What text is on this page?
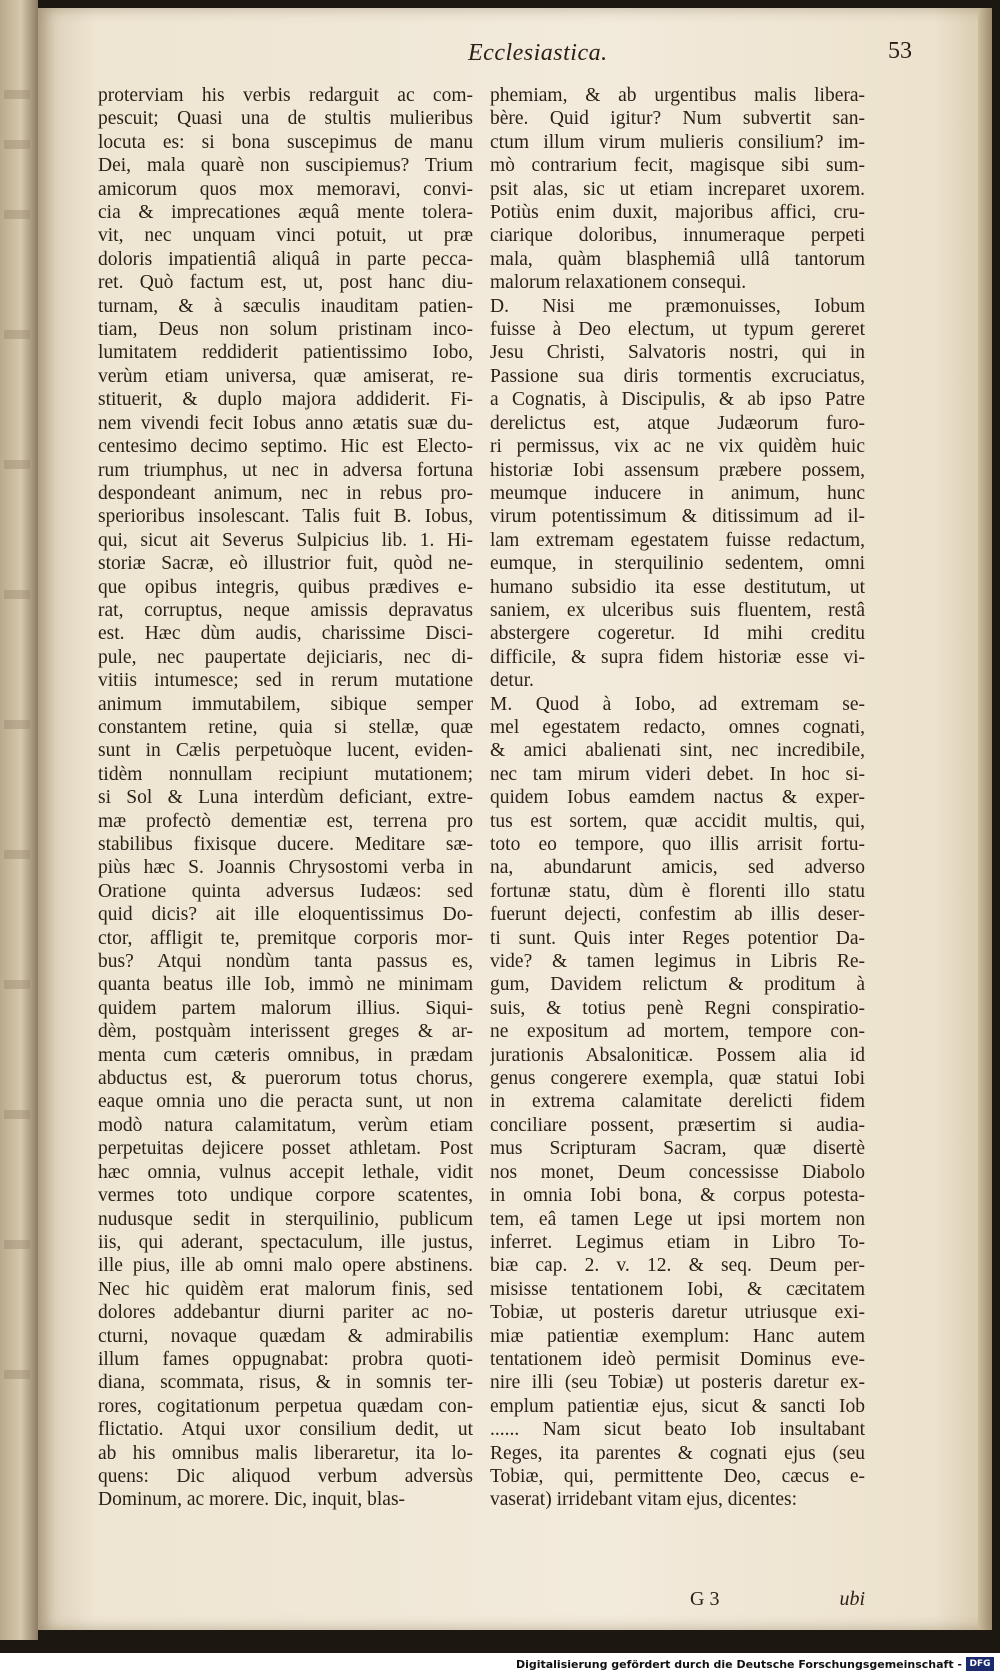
Ecclesiastica.	53
proterviam his verbis redarguit ac com-
pescuit; Quasi una de stultis mulieribus
locuta es: si bona suscepimus de manu
Dei, mala quarè non suscipiemus? Trium
amicorum quos mox memoravi, convi-
cia & imprecationes æquâ mente tolera-
vit, nec unquam vinci potuit, ut præ
doloris impatientiâ aliquâ in parte pecca-
ret. Quò factum est, ut, post hanc diu-
turnam, & à sæculis inauditam patien-
tiam, Deus non solum pristinam inco-
lumitatem reddiderit patientissimo Iobo,
verùm etiam universa, quæ amiserat, re-
stituerit, & duplo majora addiderit. Fi-
nem vivendi fecit Iobus anno ætatis suæ du-
centesimo decimo septimo. Hic est Electo-
rum triumphus, ut nec in adversa fortuna
despondeant animum, nec in rebus pro-
sperioribus insolescant. Talis fuit B. Iobus,
qui, sicut ait Severus Sulpicius lib. 1. Hi-
storiæ Sacræ, eò illustrior fuit, quòd ne-
que opibus integris, quibus prædives e-
rat, corruptus, neque amissis depravatus
est. Hæc dùm audis, charissime Disci-
pule, nec paupertate dejiciaris, nec di-
vitiis intumesce; sed in rerum mutatione
animum immutabilem, sibique semper
constantem retine, quia si stellæ, quæ
sunt in Cælis perpetuòque lucent, eviden-
tidèm nonnullam recipiunt mutationem;
si Sol & Luna interdùm deficiant, extre-
mæ profectò dementiæ est, terrena pro
stabilibus fixisque ducere. Meditare sæ-
piùs hæc S. Joannis Chrysostomi verba in
Oratione quinta adversus Iudæos: sed
quid dicis? ait ille eloquentissimus Do-
ctor, affligit te, premitque corporis mor-
bus? Atqui nondùm tanta passus es,
quanta beatus ille Iob, immò ne minimam
quidem partem malorum illius. Siqui-
dèm, postquàm interissent greges & ar-
menta cum cæteris omnibus, in prædam
abductus est, & puerorum totus chorus,
eaque omnia uno die peracta sunt, ut non
modò natura calamitatum, verùm etiam
perpetuitas dejicere posset athletam. Post
hæc omnia, vulnus accepit lethale, vidit
vermes toto undique corpore scatentes,
nudusque sedit in sterquilinio, publicum
iis, qui aderant, spectaculum, ille justus,
ille pius, ille ab omni malo opere abstinens.
Nec hic quidèm erat malorum finis, sed
dolores addebantur diurni pariter ac no-
cturni, novaque quædam & admirabilis
illum fames oppugnabat: probra quoti-
diana, scommata, risus, & in somnis ter-
rores, cogitationum perpetua quædam con-
flictatio. Atqui uxor consilium dedit, ut
ab his omnibus malis liberaretur, ita lo-
quens: Dic aliquod verbum adversùs
Dominum, ac morere. Dic, inquit, blas-
phemiam, & ab urgentibus malis libera-
bère. Quid igitur? Num subvertit san-
ctum illum virum mulieris consilium? im-
mò contrarium fecit, magisque sibi sum-
psit alas, sic ut etiam increparet uxorem.
Potiùs enim duxit, majoribus affici, cru-
ciarique doloribus, innumeraque perpeti
mala, quàm blasphemiâ ullâ tantorum
malorum relaxationem consequi.
D. Nisi me præmonuisses, Iobum
fuisse à Deo electum, ut typum gereret
Jesu Christi, Salvatoris nostri, qui in
Passione sua diris tormentis excruciatus,
a Cognatis, à Discipulis, & ab ipso Patre
derelictus est, atque Judæorum furo-
ri permissus, vix ac ne vix quidèm huic
historiæ Iobi assensum præbere possem,
meumque inducere in animum, hunc
virum potentissimum & ditissimum ad il-
lam extremam egestatem fuisse redactum,
eumque, in sterquilinio sedentem, omni
humano subsidio ita esse destitutum, ut
saniem, ex ulceribus suis fluentem, restâ
abstergere cogeretur. Id mihi creditu
difficile, & supra fidem historiæ esse vi-
detur.
M. Quod à Iobo, ad extremam se-
mel egestatem redacto, omnes cognati,
& amici abalienati sint, nec incredibile,
nec tam mirum videri debet. In hoc si-
quidem Iobus eamdem nactus & exper-
tus est sortem, quæ accidit multis, qui,
toto eo tempore, quo illis arrisit fortu-
na, abundarunt amicis, sed adverso
fortunæ statu, dùm è florenti illo statu
fuerunt dejecti, confestim ab illis deser-
ti sunt. Quis inter Reges potentior Da-
vide? & tamen legimus in Libris Re-
gum, Davidem relictum & proditum à
suis, & totius penè Regni conspiratio-
ne expositum ad mortem, tempore con-
jurationis Absaloniticæ. Possem alia id
genus congerere exempla, quæ statui Iobi
in extrema calamitate derelicti fidem
conciliare possent, præsertim si audia-
mus Scripturam Sacram, quæ disertè
nos monet, Deum concessisse Diabolo
in omnia Iobi bona, & corpus potesta-
tem, eâ tamen Lege ut ipsi mortem non
inferret. Legimus etiam in Libro To-
biæ cap. 2. v. 12. & seq. Deum per-
misisse tentationem Iobi, & cæcitatem
Tobiæ, ut posteris daretur utriusque exi-
miæ patientiæ exemplum: Hanc autem
tentationem ideò permisit Dominus eve-
nire illi (seu Tobiæ) ut posteris daretur ex-
emplum patientiæ ejus, sicut & sancti Iob
...... Nam sicut beato Iob insultabant
Reges, ita parentes & cognati ejus (seu
Tobiæ, qui, permittente Deo, cæcus e-
vaserat) irridebant vitam ejus, dicentes:
G 3	ubi
Digitalisierung gefördert durch die Deutsche Forschungsgemeinschaft - DFG
